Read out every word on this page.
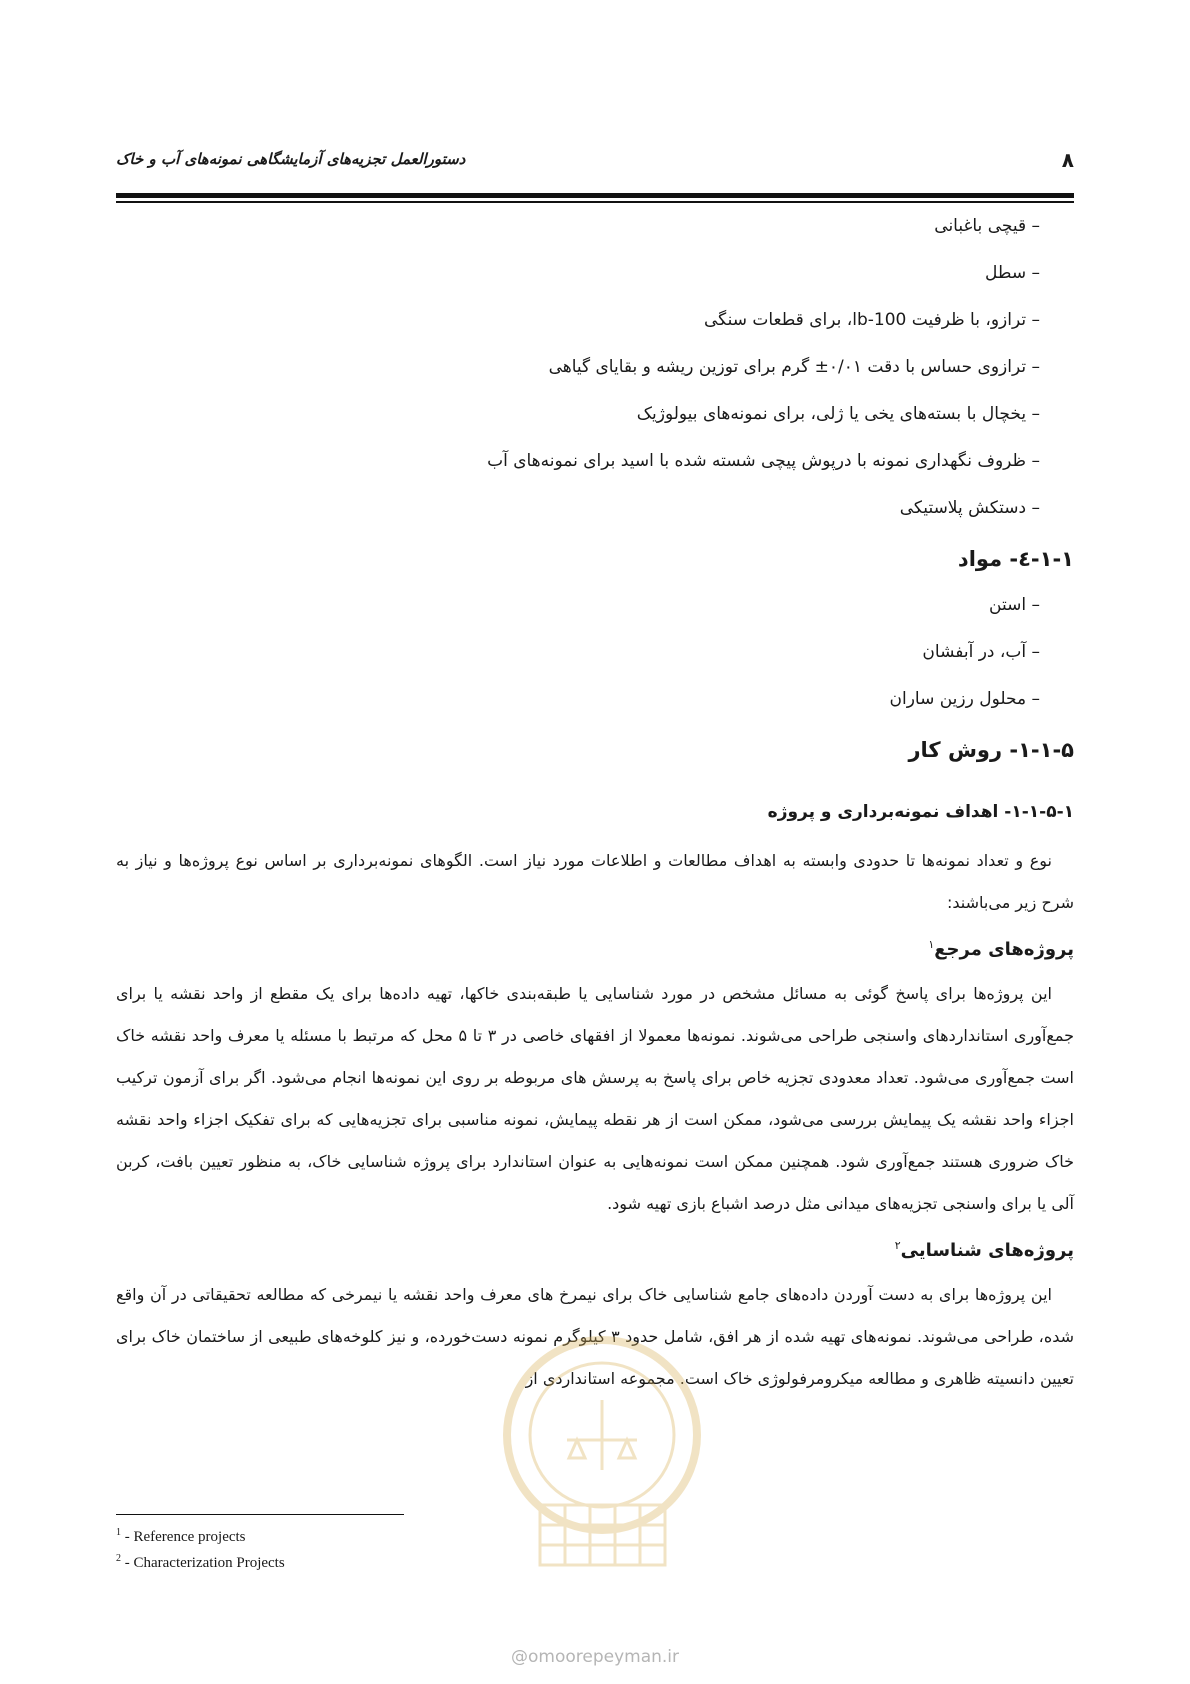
۸
دستورالعمل تجزیه‌های آزمایشگاهی نمونه‌های آب و خاک
– قیچی باغبانی
– سطل
– ترازو، با ظرفیت 100-lb، برای قطعات سنگی
– ترازوی حساس با دقت ۰/۰۱± گرم برای توزین ریشه و بقایای گیاهی
– یخچال با بسته‌های یخی یا ژلی، برای نمونه‌های بیولوژیک
– ظروف نگهداری نمونه با درپوش پیچی شسته شده با اسید برای نمونه‌های آب
– دستکش پلاستیکی
۱-۱-٤- مواد
– استن
– آب، در آبفشان
– محلول رزین ساران
۱-۱-۵- روش کار
۱-۱-۵-۱- اهداف نمونه‌برداری و پروژه

نوع و تعداد نمونه‌ها تا حدودی وابسته به اهداف مطالعات و اطلاعات مورد نیاز است. الگوهای نمونه‌برداری بر اساس نوع پروژه‌ها و نیاز به شرح زیر می‌باشند:

پروژه‌های مرجع$^۱$

این پروژه‌ها برای پاسخ گوئی به مسائل مشخص در مورد شناسایی یا طبقه‌بندی خاکها، تهیه داده‌ها برای یک مقطع از واحد نقشه یا برای جمع‌آوری استانداردهای واسنجی طراحی می‌شوند. نمونه‌ها معمولا از افقهای خاصی در ۳ تا ۵ محل که مرتبط با مسئله یا معرف واحد نقشه خاک است جمع‌آوری می‌شود. تعداد معدودی تجزیه خاص برای پاسخ به پرسش های مربوطه بر روی این نمونه‌ها انجام می‌شود. اگر برای آزمون ترکیب اجزاء واحد نقشه یک پیمایش بررسی می‌شود، ممکن است از هر نقطه پیمایش، نمونه مناسبی برای تجزیه‌هایی که برای تفکیک اجزاء واحد نقشه خاک ضروری هستند جمع‌آوری شود. همچنین ممکن است نمونه‌هایی به عنوان استاندارد برای پروژه شناسایی خاک، به منظور تعیین بافت، کربن آلی یا برای واسنجی تجزیه‌های میدانی مثل درصد اشباع بازی تهیه شود.

پروژه‌های شناسایی$^۲$

این پروژه‌ها برای به دست آوردن داده‌های جامع شناسایی خاک برای نیمرخ های معرف واحد نقشه یا نیمرخی که مطالعه تحقیقاتی در آن واقع شده، طراحی می‌شوند. نمونه‌های تهیه شده از هر افق، شامل حدود ۳ کیلوگرم نمونه دست‌خورده، و نیز کلوخه‌های طبیعی از ساختمان خاک برای تعیین دانسیته ظاهری و مطالعه میکرومرفولوژی خاک است. مجموعه استانداردی از

$^1$ - Reference projects
$^2$ - Characterization Projects
@omoorepeyman.ir
